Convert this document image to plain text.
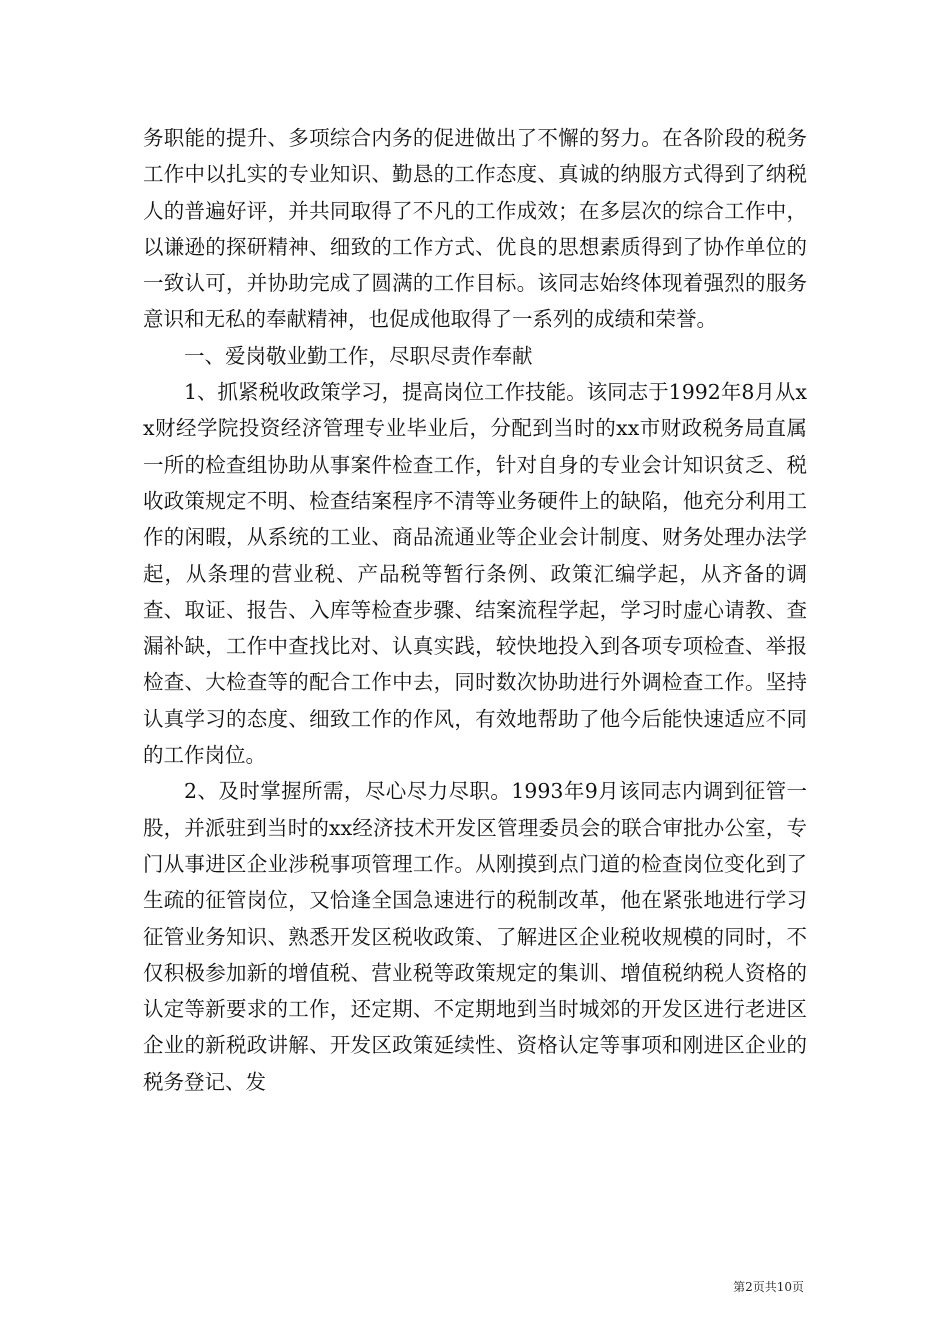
务职能的提升、多项综合内务的促进做出了不懈的努力。在各阶段的税务工作中以扎实的专业知识、勤恳的工作态度、真诚的纳服方式得到了纳税人的普遍好评，并共同取得了不凡的工作成效；在多层次的综合工作中，以谦逊的探研精神、细致的工作方式、优良的思想素质得到了协作单位的一致认可，并协助完成了圆满的工作目标。该同志始终体现着强烈的服务意识和无私的奉献精神，也促成他取得了一系列的成绩和荣誉。

一、爱岗敬业勤工作，尽职尽责作奉献

1、抓紧税收政策学习，提高岗位工作技能。该同志于1992年8月从xx财经学院投资经济管理专业毕业后，分配到当时的xx市财政税务局直属一所的检查组协助从事案件检查工作，针对自身的专业会计知识贫乏、税收政策规定不明、检查结案程序不清等业务硬件上的缺陷，他充分利用工作的闲暇，从系统的工业、商品流通业等企业会计制度、财务处理办法学起，从条理的营业税、产品税等暂行条例、政策汇编学起，从齐备的调查、取证、报告、入库等检查步骤、结案流程学起，学习时虚心请教、查漏补缺，工作中查找比对、认真实践，较快地投入到各项专项检查、举报检查、大检查等的配合工作中去，同时数次协助进行外调检查工作。坚持认真学习的态度、细致工作的作风，有效地帮助了他今后能快速适应不同的工作岗位。

2、及时掌握所需，尽心尽力尽职。1993年9月该同志内调到征管一股，并派驻到当时的xx经济技术开发区管理委员会的联合审批办公室，专门从事进区企业涉税事项管理工作。从刚摸到点门道的检查岗位变化到了生疏的征管岗位，又恰逢全国急速进行的税制改革，他在紧张地进行学习征管业务知识、熟悉开发区税收政策、了解进区企业税收规模的同时，不仅积极参加新的增值税、营业税等政策规定的集训、增值税纳税人资格的认定等新要求的工作，还定期、不定期地到当时城郊的开发区进行老进区企业的新税政讲解、开发区政策延续性、资格认定等事项和刚进区企业的税务登记、发

第2页共10页
